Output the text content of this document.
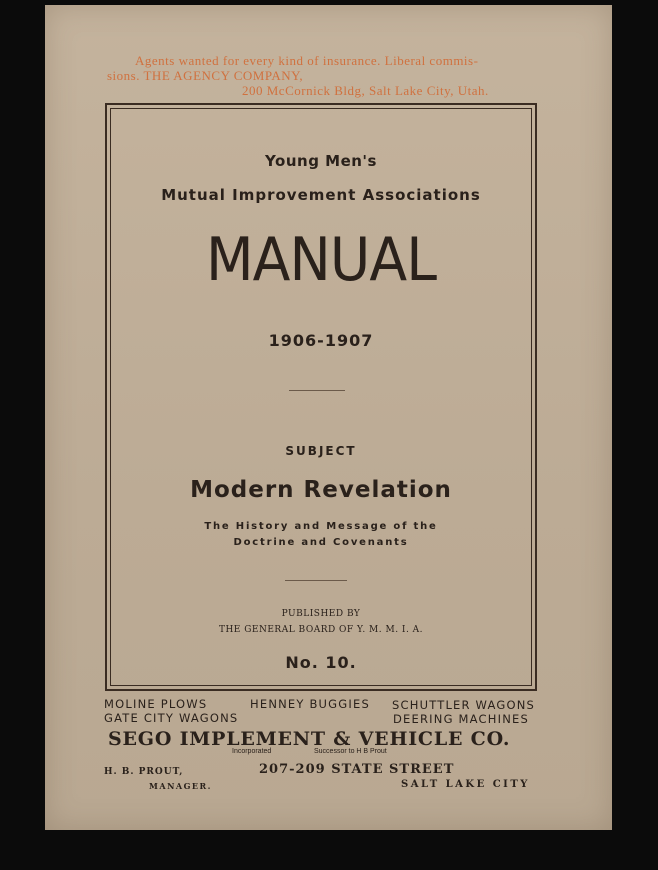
Agents wanted for every kind of insurance. Liberal commis-
sions. THE AGENCY COMPANY,
200 McCornick Bldg, Salt Lake City, Utah.
Young Men's
Mutual Improvement Associations
MANUAL
1906-1907
SUBJECT
Modern Revelation
The History and Message of the
Doctrine and Covenants
PUBLISHED BY
THE GENERAL BOARD OF Y. M. M. I. A.
No. 10.
MOLINE PLOWS	HENNEY BUGGIES SCHUTTLER WAGONS
GATE CITY WAGONS	DEERING MACHINES
SEGO IMPLEMENT & VEHICLE CO.
Incorporated	Successor to H B Prout
H. B. PROUT,
MANAGER.
207-209 STATE STREET
SALT LAKE CITY
